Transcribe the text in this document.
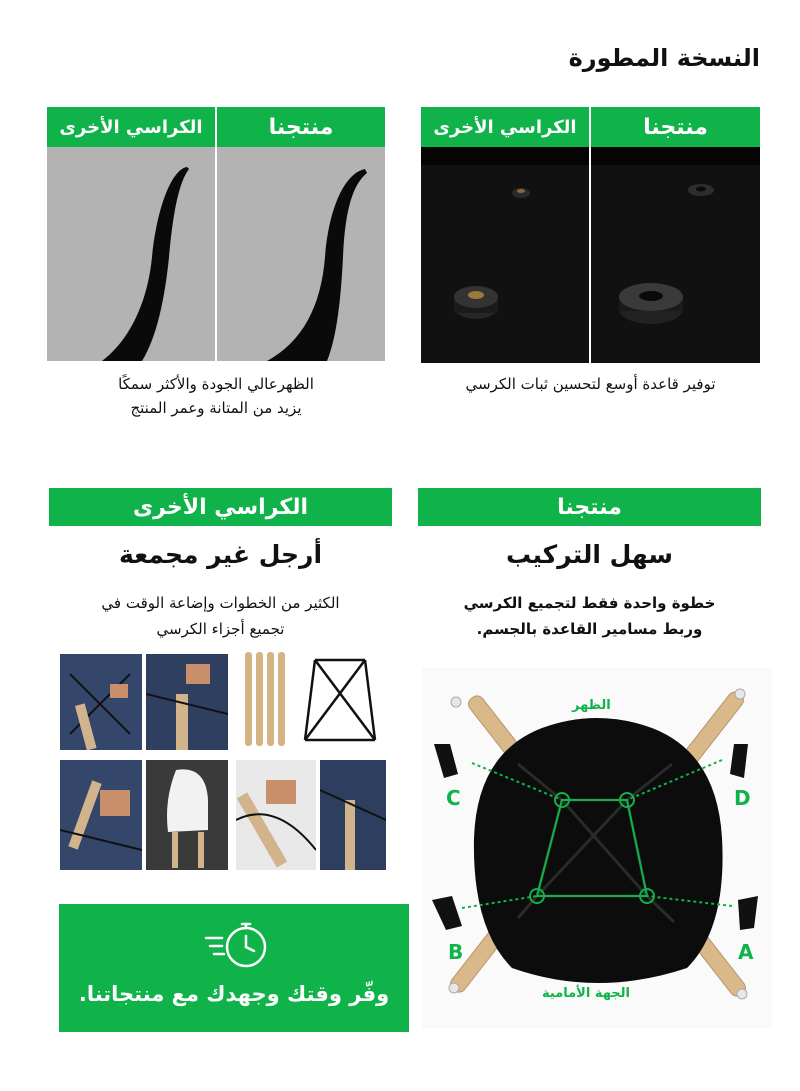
النسخة المطورة
الكراسي الأخرى	منتجنا
الظهرعالي الجودة والأكثر سمكًا
يزيد من المتانة وعمر المنتج
الكراسي الأخرى	منتجنا
توفير قاعدة أوسع لتحسين ثبات الكرسي
الكراسي الأخرى
أرجل غير مجمعة
الكثير من الخطوات وإضاعة الوقت في
تجميع أجزاء الكرسي
وفّر وقتك وجهدك مع منتجاتنا.
منتجنا
سهل التركيب
خطوة واحدة فقط لتجميع الكرسي
وربط مسامير القاعدة بالجسم.
الظهر
الجهة الأمامية
A
B
C	D
